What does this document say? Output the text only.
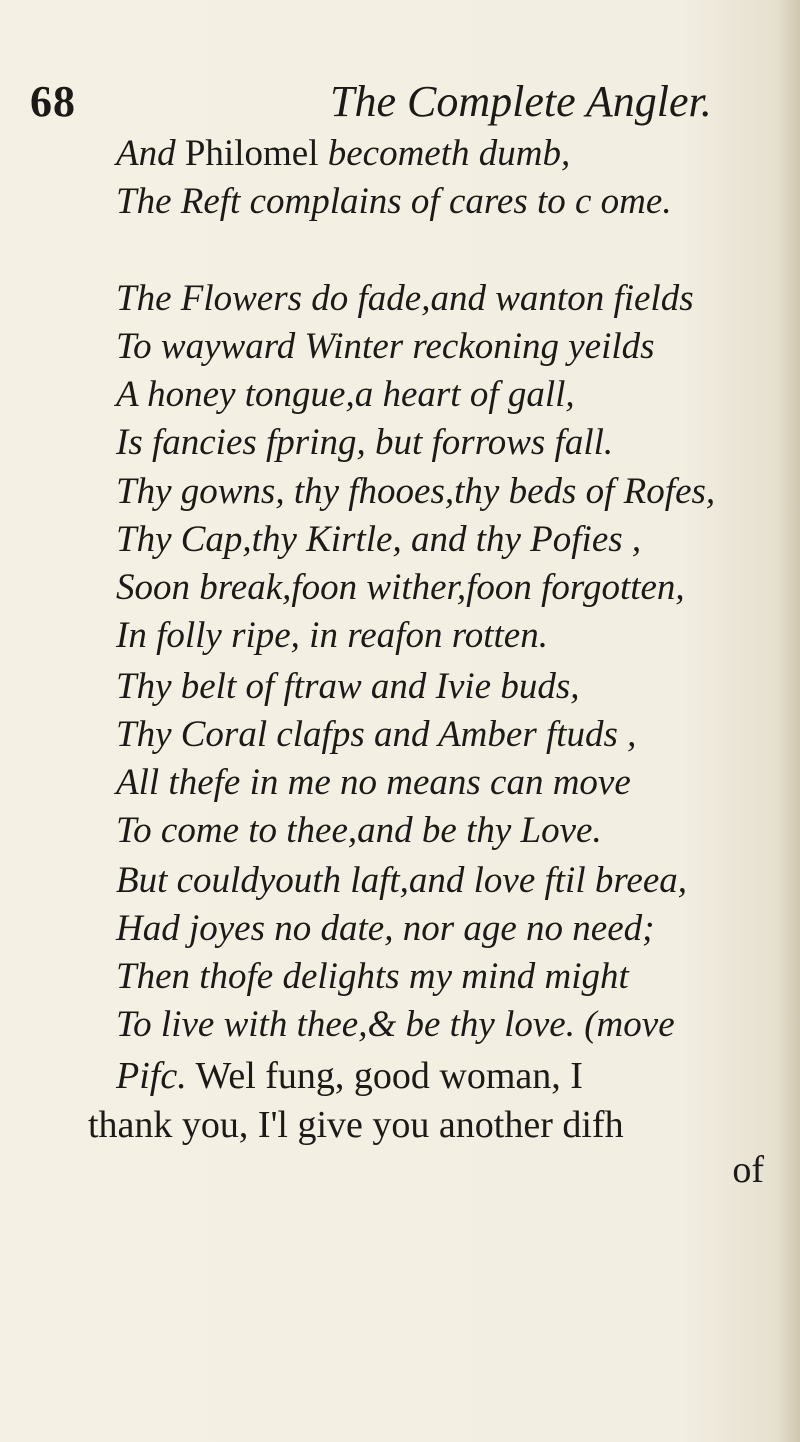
68	The Complete Angler.
And Philomel becometh dumb,
The Reft complains of cares to c ome.
The Flowers do fade,and wanton fields
To wayward Winter reckoning yeilds
A honey tongue,a heart of gall,
Is fancies fpring, but forrows fall.
Thy gowns, thy fhooes,thy beds of Rofes,
Thy Cap,thy Kirtle, and thy Pofies ,
Soon break,foon wither,foon forgotten,
In folly ripe, in reafon rotten.
Thy belt of ftraw and Ivie buds,
Thy Coral clafps and Amber ftuds ,
All thefe in me no means can move
To come to thee,and be thy Love.
But couldyouth laft,and love ftil breea,
Had joyes no date, nor age no need;
Then thofe delights my mind might
To live with thee,& be thy love. (move
Pifc. Wel fung, good woman, I
thank you, I'l give you another difh
of
